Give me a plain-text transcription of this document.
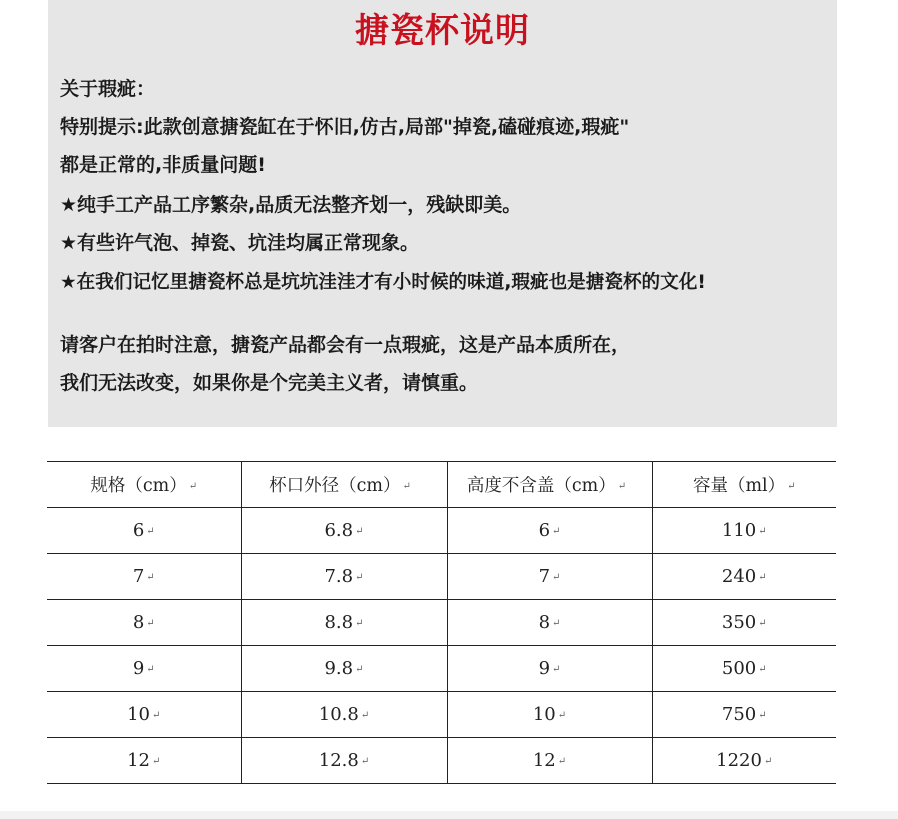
搪瓷杯说明
关于瑕疵：
特别提示:此款创意搪瓷缸在于怀旧,仿古,局部"掉瓷,磕碰痕迹,瑕疵"
都是正常的,非质量问题!
★纯手工产品工序繁杂,品质无法整齐划一，残缺即美。
★有些许气泡、掉瓷、坑洼均属正常现象。
★在我们记忆里搪瓷杯总是坑坑洼洼才有小时候的味道,瑕疵也是搪瓷杯的文化!
请客户在拍时注意，搪瓷产品都会有一点瑕疵，这是产品本质所在，
我们无法改变，如果你是个完美主义者，请慎重。
规格（cm） ↵	杯口外径（cm） ↵	高度不含盖（cm） ↵	容量（ml） ↵
6 ↵	6.8 ↵	6 ↵	110 ↵
7 ↵	7.8 ↵	7 ↵	240 ↵
8 ↵	8.8 ↵	8 ↵	350 ↵
9 ↵	9.8 ↵	9 ↵	500 ↵
10 ↵	10.8 ↵	10 ↵	750 ↵
12 ↵	12.8 ↵	12 ↵	1220 ↵
